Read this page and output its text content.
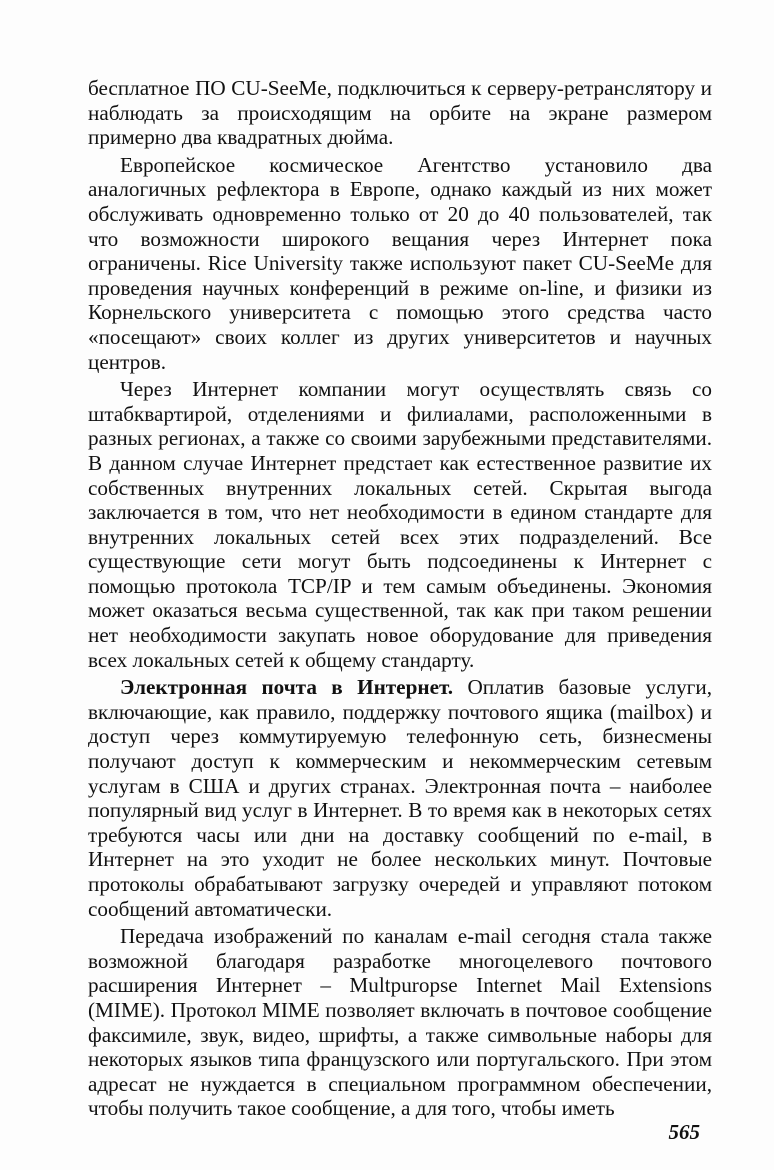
бесплатное ПО CU-SeeMe, подключиться к серверу-ретранслятору и наблюдать за происходящим на орбите на экране размером примерно два квадратных дюйма.

Европейское космическое Агентство установило два аналогичных рефлектора в Европе, однако каждый из них может обслуживать одновременно только от 20 до 40 пользователей, так что возможности широкого вещания через Интернет пока ограничены. Rice University также используют пакет CU-SeeMe для проведения научных конференций в режиме on-line, и физики из Корнельского университета с помощью этого средства часто «посещают» своих коллег из других университетов и научных центров.

Через Интернет компании могут осуществлять связь со штабквартирой, отделениями и филиалами, расположенными в разных регионах, а также со своими зарубежными представителями. В данном случае Интернет предстает как естественное развитие их собственных внутренних локальных сетей. Скрытая выгода заключается в том, что нет необходимости в едином стандарте для внутренних локальных сетей всех этих подразделений. Все существующие сети могут быть подсоединены к Интернет с помощью протокола TCP/IP и тем самым объединены. Экономия может оказаться весьма существенной, так как при таком решении нет необходимости закупать новое оборудование для приведения всех локальных сетей к общему стандарту.

Электронная почта в Интернет. Оплатив базовые услуги, включающие, как правило, поддержку почтового ящика (mailbox) и доступ через коммутируемую телефонную сеть, бизнесмены получают доступ к коммерческим и некоммерческим сетевым услугам в США и других странах. Электронная почта – наиболее популярный вид услуг в Интернет. В то время как в некоторых сетях требуются часы или дни на доставку сообщений по e-mail, в Интернет на это уходит не более нескольких минут. Почтовые протоколы обрабатывают загрузку очередей и управляют потоком сообщений автоматически.

Передача изображений по каналам e-mail сегодня стала также возможной благодаря разработке многоцелевого почтового расширения Интернет – Multpuropse Internet Mail Extensions (MIME). Протокол MIME позволяет включать в почтовое сообщение факсимиле, звук, видео, шрифты, а также символьные наборы для некоторых языков типа французского или португальского. При этом адресат не нуждается в специальном программном обеспечении, чтобы получить такое сообщение, а для того, чтобы иметь

565
